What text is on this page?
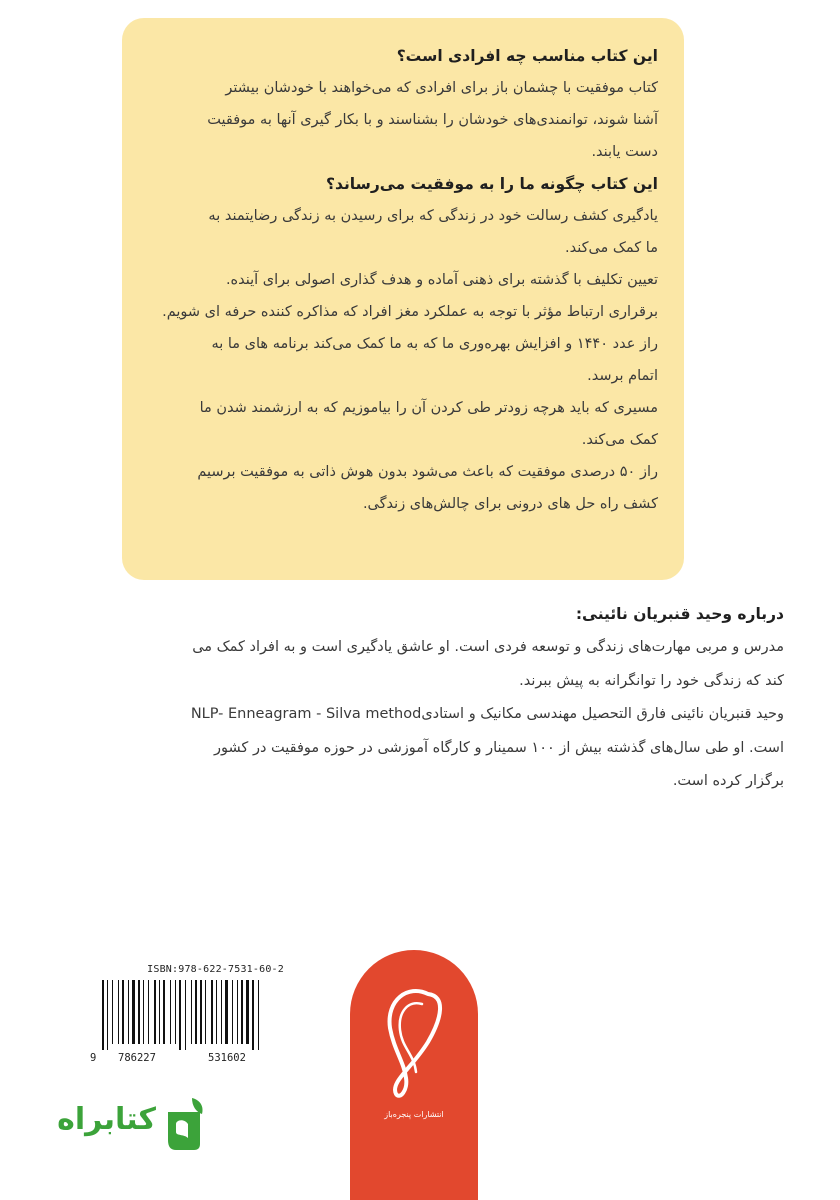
این کتاب مناسب چه افرادی است؟
کتاب موفقیت با چشمان باز برای افرادی که می‌خواهند با خودشان بیشتر
آشنا شوند، توانمندی‌های خودشان را بشناسند و با بکار گیری آنها به موفقیت
دست یابند.
این کتاب چگونه ما را به موفقیت می‌رساند؟
یادگیری کشف رسالت خود در زندگی که برای رسیدن به زندگی رضایتمند به
ما کمک می‌کند.
تعیین تکلیف با گذشته برای ذهنی آماده و هدف گذاری اصولی برای آینده.
برقراری ارتباط مؤثر با توجه به عملکرد مغز افراد که مذاکره کننده حرفه ای شویم.
راز عدد ۱۴۴۰ و افزایش بهره‌وری ما که به ما کمک می‌کند برنامه های ما به
اتمام برسد.
مسیری که باید هرچه زودتر طی کردن آن را بیاموزیم که به ارزشمند شدن ما
کمک می‌کند.
راز ۵۰ درصدی موفقیت که باعث می‌شود بدون هوش ذاتی به موفقیت برسیم
کشف راه حل های درونی برای چالش‌های زندگی.
درباره وحید قنبریان نائینی:
مدرس و مربی مهارت‌های زندگی و توسعه فردی است. او عاشق یادگیری است و به افراد کمک می
کند که زندگی خود را توانگرانه به پیش ببرند.
وحید قنبریان نائینی فارق التحصیل مهندسی مکانیک و استادیNLP- Enneagram - Silva method
است. او طی سال‌های گذشته بیش از ۱۰۰ سمینار و کارگاه آموزشی در حوزه موفقیت در کشور
برگزار کرده است.
ISBN:978-622-7531-60-2
9 786227	531602
انتشارات پنجره‌باز
کتابراه
